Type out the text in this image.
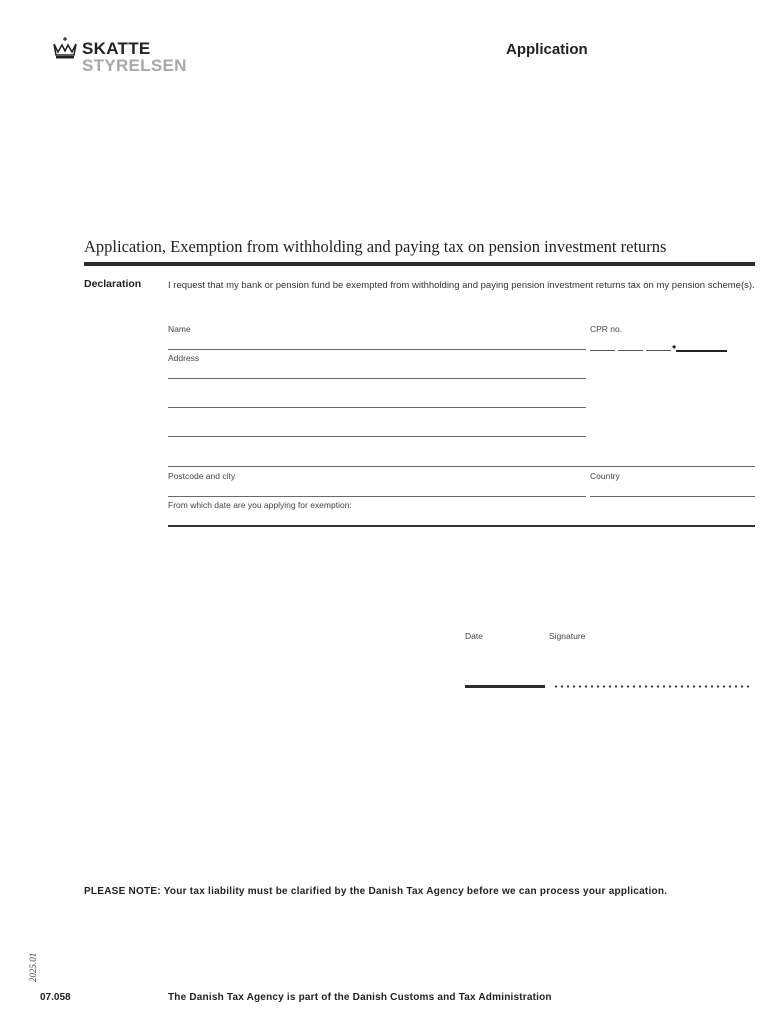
SKATTE
STYRELSEN
Application
Application, Exemption from withholding and paying tax on pension investment returns
Declaration	I request that my bank or pension fund be exempted from withholding and paying pension investment returns tax on my pension scheme(s).
Name	CPR no.
•
Address
Postcode and city	Country
From which date are you applying for exemption:
Date	Signature
PLEASE NOTE: Your tax liability must be clarified by the Danish Tax Agency before we can process your application.
2025.01
07.058	The Danish Tax Agency is part of the Danish Customs and Tax Administration
